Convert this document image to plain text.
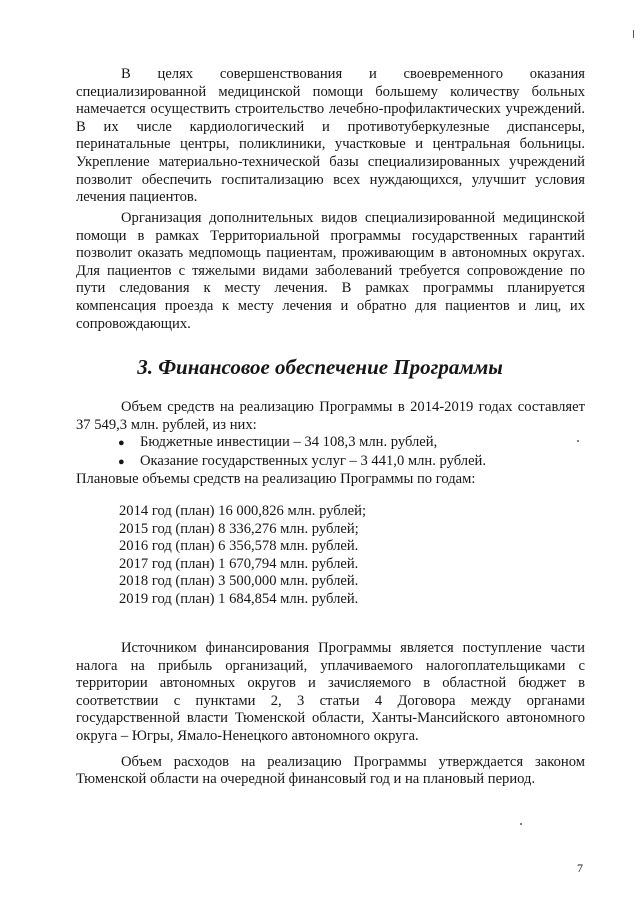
В целях совершенствования и своевременного оказания специализированной медицинской помощи большему количеству больных намечается осуществить строительство лечебно-профилактических учреждений. В их числе кардиологический и противотуберкулезные диспансеры, перинатальные центры, поликлиники, участковые и центральная больницы. Укрепление материально-технической базы специализированных учреждений позволит обеспечить госпитализацию всех нуждающихся, улучшит условия лечения пациентов.

Организация дополнительных видов специализированной медицинской помощи в рамках Территориальной программы государственных гарантий позволит оказать медпомощь пациентам, проживающим в автономных округах. Для пациентов с тяжелыми видами заболеваний требуется сопровождение по пути следования к месту лечения. В рамках программы планируется компенсация проезда к месту лечения и обратно для пациентов и лиц, их сопровождающих.

3. Финансовое обеспечение Программы

Объем средств на реализацию Программы в 2014-2019 годах составляет 37 549,3 млн. рублей, из них:

●	Бюджетные инвестиции – 34 108,3 млн. рублей,
●	Оказание государственных услуг – 3 441,0 млн. рублей.

Плановые объемы средств на реализацию Программы по годам:

2014 год (план) 16 000,826 млн. рублей;
2015 год (план) 8 336,276 млн. рублей;
2016 год (план) 6 356,578 млн. рублей.
2017 год (план) 1 670,794 млн. рублей.
2018 год (план) 3 500,000 млн. рублей.
2019 год (план) 1 684,854 млн. рублей.

Источником финансирования Программы является поступление части налога на прибыль организаций, уплачиваемого налогоплательщиками с территории автономных округов и зачисляемого в областной бюджет в соответствии с пунктами 2, 3 статьи 4 Договора между органами государственной власти Тюменской области, Ханты-Мансийского автономного округа – Югры, Ямало-Ненецкого автономного округа.

Объем расходов на реализацию Программы утверждается законом Тюменской области на очередной финансовый год и на плановый период.

7
